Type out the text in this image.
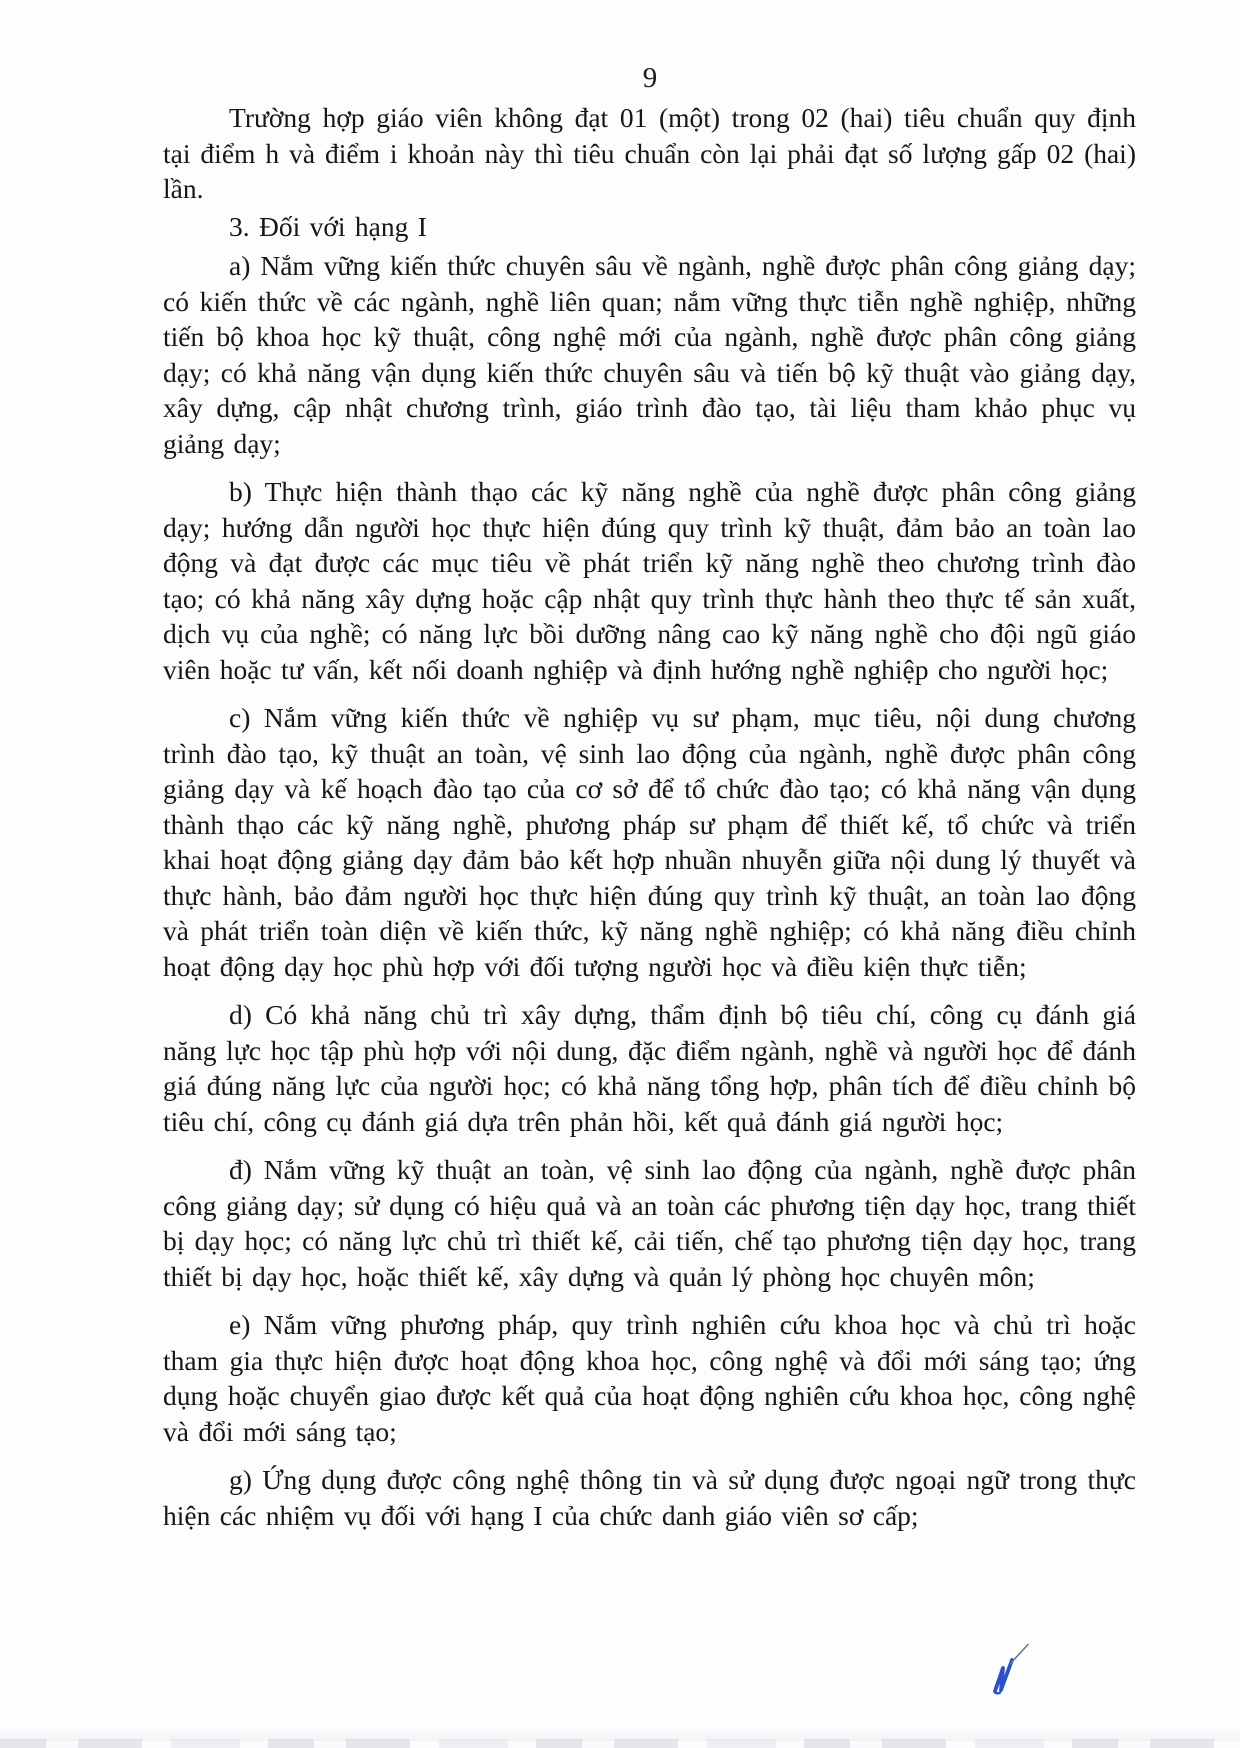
9

Trường hợp giáo viên không đạt 01 (một) trong 02 (hai) tiêu chuẩn quy định tại điểm h và điểm i khoản này thì tiêu chuẩn còn lại phải đạt số lượng gấp 02 (hai) lần.

3. Đối với hạng I

a) Nắm vững kiến thức chuyên sâu về ngành, nghề được phân công giảng dạy; có kiến thức về các ngành, nghề liên quan; nắm vững thực tiễn nghề nghiệp, những tiến bộ khoa học kỹ thuật, công nghệ mới của ngành, nghề được phân công giảng dạy; có khả năng vận dụng kiến thức chuyên sâu và tiến bộ kỹ thuật vào giảng dạy, xây dựng, cập nhật chương trình, giáo trình đào tạo, tài liệu tham khảo phục vụ giảng dạy;

b) Thực hiện thành thạo các kỹ năng nghề của nghề được phân công giảng dạy; hướng dẫn người học thực hiện đúng quy trình kỹ thuật, đảm bảo an toàn lao động và đạt được các mục tiêu về phát triển kỹ năng nghề theo chương trình đào tạo; có khả năng xây dựng hoặc cập nhật quy trình thực hành theo thực tế sản xuất, dịch vụ của nghề; có năng lực bồi dưỡng nâng cao kỹ năng nghề cho đội ngũ giáo viên hoặc tư vấn, kết nối doanh nghiệp và định hướng nghề nghiệp cho người học;

c) Nắm vững kiến thức về nghiệp vụ sư phạm, mục tiêu, nội dung chương trình đào tạo, kỹ thuật an toàn, vệ sinh lao động của ngành, nghề được phân công giảng dạy và kế hoạch đào tạo của cơ sở để tổ chức đào tạo; có khả năng vận dụng thành thạo các kỹ năng nghề, phương pháp sư phạm để thiết kế, tổ chức và triển khai hoạt động giảng dạy đảm bảo kết hợp nhuần nhuyễn giữa nội dung lý thuyết và thực hành, bảo đảm người học thực hiện đúng quy trình kỹ thuật, an toàn lao động và phát triển toàn diện về kiến thức, kỹ năng nghề nghiệp; có khả năng điều chỉnh hoạt động dạy học phù hợp với đối tượng người học và điều kiện thực tiễn;

d) Có khả năng chủ trì xây dựng, thẩm định bộ tiêu chí, công cụ đánh giá năng lực học tập phù hợp với nội dung, đặc điểm ngành, nghề và người học để đánh giá đúng năng lực của người học; có khả năng tổng hợp, phân tích để điều chỉnh bộ tiêu chí, công cụ đánh giá dựa trên phản hồi, kết quả đánh giá người học;

đ) Nắm vững kỹ thuật an toàn, vệ sinh lao động của ngành, nghề được phân công giảng dạy; sử dụng có hiệu quả và an toàn các phương tiện dạy học, trang thiết bị dạy học; có năng lực chủ trì thiết kế, cải tiến, chế tạo phương tiện dạy học, trang thiết bị dạy học, hoặc thiết kế, xây dựng và quản lý phòng học chuyên môn;

e) Nắm vững phương pháp, quy trình nghiên cứu khoa học và chủ trì hoặc tham gia thực hiện được hoạt động khoa học, công nghệ và đổi mới sáng tạo; ứng dụng hoặc chuyển giao được kết quả của hoạt động nghiên cứu khoa học, công nghệ và đổi mới sáng tạo;

g) Ứng dụng được công nghệ thông tin và sử dụng được ngoại ngữ trong thực hiện các nhiệm vụ đối với hạng I của chức danh giáo viên sơ cấp;
